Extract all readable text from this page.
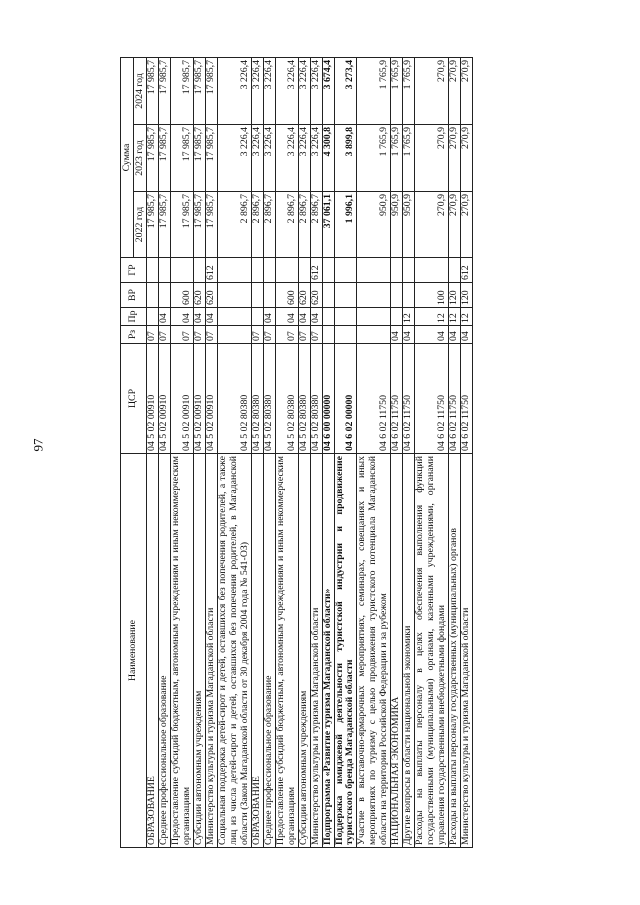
97
Наименование	ЦСР	Рз	Пр	ВР	ГР	Сумма		
						2022 год	2023 год	2024 год
ОБРАЗОВАНИЕ	04 5 02 00910	07				17 985,7	17 985,7	17 985,7
Среднее профессиональное образование	04 5 02 00910	07	04			17 985,7	17 985,7	17 985,7
Предоставление субсидий бюджетным, автономным учреждениям и иным некоммерческим организациям	04 5 02 00910	07	04	600		17 985,7	17 985,7	17 985,7
Субсидии автономным учреждениям	04 5 02 00910	07	04	620		17 985,7	17 985,7	17 985,7
Министерство культуры и туризма Магаданской области	04 5 02 00910	07	04	620	612	17 985,7	17 985,7	17 985,7
Социальная поддержка детей-сирот и детей, оставшихся без попечения родителей, а также лиц из числа детей-сирот и детей, оставшихся без попечения родителей, в Магаданской области (Закон Магаданской области от 30 декабря 2004 года № 541-ОЗ)	04 5 02 80380					2 896,7	3 226,4	3 226,4
ОБРАЗОВАНИЕ	04 5 02 80380	07				2 896,7	3 226,4	3 226,4
Среднее профессиональное образование	04 5 02 80380	07	04			2 896,7	3 226,4	3 226,4
Предоставление субсидий бюджетным, автономным учреждениям и иным некоммерческим организациям	04 5 02 80380	07	04	600		2 896,7	3 226,4	3 226,4
Субсидии автономным учреждениям	04 5 02 80380	07	04	620		2 896,7	3 226,4	3 226,4
Министерство культуры и туризма Магаданской области	04 5 02 80380	07	04	620	612	2 896,7	3 226,4	3 226,4
Подпрограмма «Развитие туризма Магаданской области»	04 6 00 00000					37 061,1	4 300,8	3 674,4
Поддержка имиджевой деятельности туристской индустрии и продвижение туристского бренда Магаданской области	04 6 02 00000					1 996,1	3 899,8	3 273,4
Участие в выставочно-ярмарочных мероприятиях, семинарах, совещаниях и иных мероприятиях по туризму с целью продвижения туристского потенциала Магаданской области на территории Российской Федерации и за рубежом	04 6 02 11750					950,9	1 765,9	1 765,9
НАЦИОНАЛЬНАЯ ЭКОНОМИКА	04 6 02 11750	04				950,9	1 765,9	1 765,9
Другие вопросы в области национальной экономики	04 6 02 11750	04	12			950,9	1 765,9	1 765,9
Расходы на выплаты персоналу в целях обеспечения выполнения функций государственными (муниципальными) органами, казенными учреждениями, органами управления государственными внебюджетными фондами	04 6 02 11750	04	12	100		270,9	270,9	270,9
Расходы на выплаты персоналу государственных (муниципальных) органов	04 6 02 11750	04	12	120		270,9	270,9	270,9
Министерство культуры и туризма Магаданской области	04 6 02 11750	04	12	120	612	270,9	270,9	270,9
